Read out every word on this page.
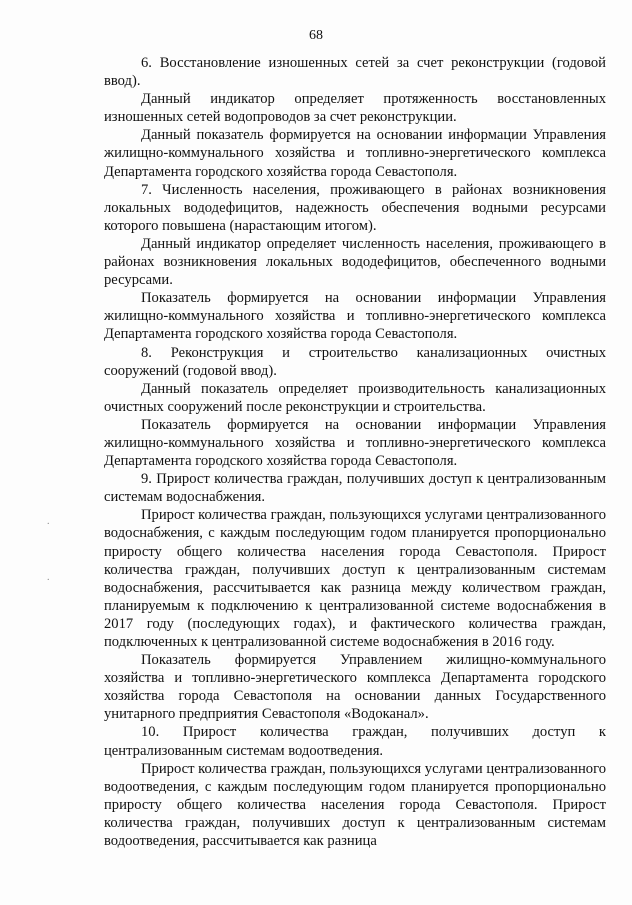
68
.
.

6. Восстановление изношенных сетей за счет реконструкции (годовой ввод).

Данный индикатор определяет протяженность восстановленных изношенных сетей водопроводов за счет реконструкции.

Данный показатель формируется на основании информации Управления жилищно-коммунального хозяйства и топливно-энергетического комплекса Департамента городского хозяйства города Севастополя.

7. Численность населения, проживающего в районах возникновения локальных вододефицитов, надежность обеспечения водными ресурсами которого повышена (нарастающим итогом).

Данный индикатор определяет численность населения, проживающего в районах возникновения локальных вододефицитов, обеспеченного водными ресурсами.

Показатель формируется на основании информации Управления жилищно-коммунального хозяйства и топливно-энергетического комплекса Департамента городского хозяйства города Севастополя.

8. Реконструкция и строительство канализационных очистных сооружений (годовой ввод).

Данный показатель определяет производительность канализационных очистных сооружений после реконструкции и строительства.

Показатель формируется на основании информации Управления жилищно-коммунального хозяйства и топливно-энергетического комплекса Департамента городского хозяйства города Севастополя.

9. Прирост количества граждан, получивших доступ к централизованным системам водоснабжения.

Прирост количества граждан, пользующихся услугами централизованного водоснабжения, с каждым последующим годом планируется пропорционально приросту общего количества населения города Севастополя. Прирост количества граждан, получивших доступ к централизованным системам водоснабжения, рассчитывается как разница между количеством граждан, планируемым к подключению к централизованной системе водоснабжения в 2017 году (последующих годах), и фактического количества граждан, подключенных к централизованной системе водоснабжения в 2016 году.

Показатель формируется Управлением жилищно-коммунального хозяйства и топливно-энергетического комплекса Департамента городского хозяйства города Севастополя на основании данных Государственного унитарного предприятия Севастополя «Водоканал».

10. Прирост количества граждан, получивших доступ к централизованным системам водоотведения.

Прирост количества граждан, пользующихся услугами централизованного водоотведения, с каждым последующим годом планируется пропорционально приросту общего количества населения города Севастополя. Прирост количества граждан, получивших доступ к централизованным системам водоотведения, рассчитывается как разница
